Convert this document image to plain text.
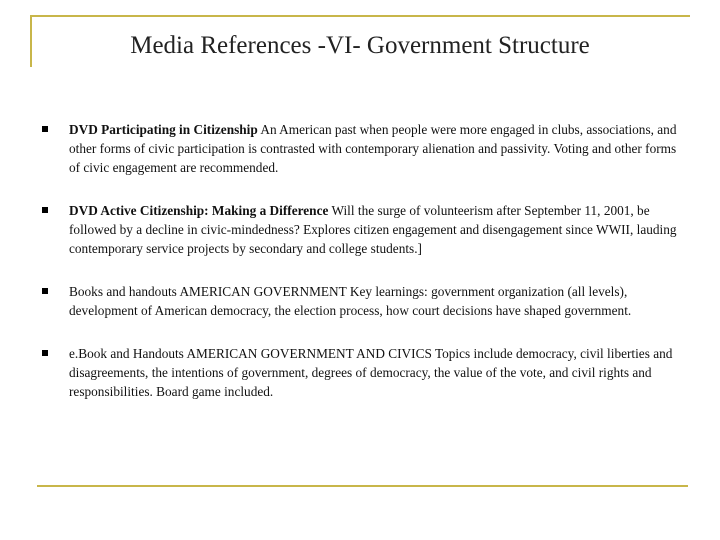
Media References -VI- Government Structure
DVD Participating in Citizenship An American past when people were more engaged in clubs, associations, and other forms of civic participation is contrasted with contemporary alienation and passivity. Voting and other forms of civic engagement are recommended.
DVD Active Citizenship: Making a Difference Will the surge of volunteerism after September 11, 2001, be followed by a decline in civic-mindedness? Explores citizen engagement and disengagement since WWII, lauding contemporary service projects by secondary and college students.]
Books and handouts AMERICAN GOVERNMENT Key learnings: government organization (all levels), development of American democracy, the election process, how court decisions have shaped government.
e.Book and Handouts AMERICAN GOVERNMENT AND CIVICS Topics include democracy, civil liberties and disagreements, the intentions of government, degrees of democracy, the value of the vote, and civil rights and responsibilities. Board game included.
